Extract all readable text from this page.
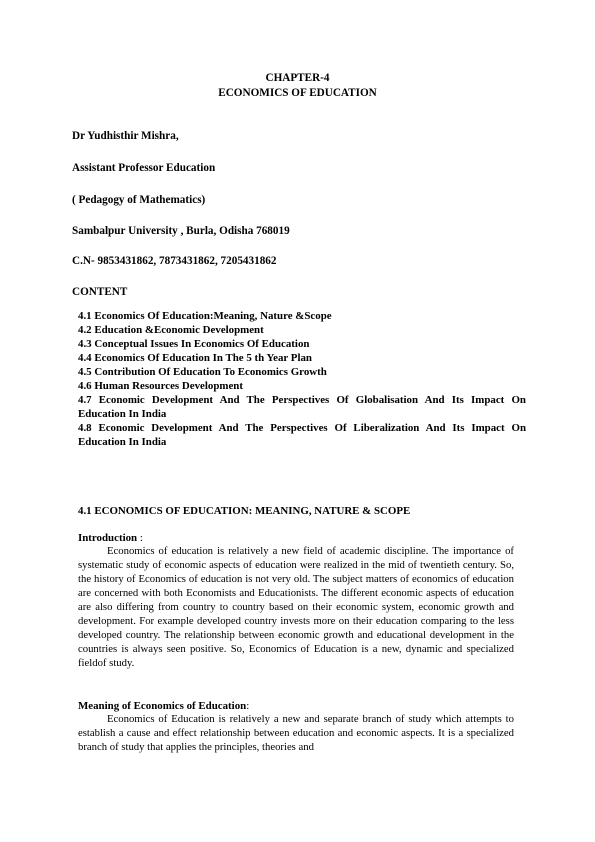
CHAPTER-4
ECONOMICS OF EDUCATION
Dr Yudhisthir Mishra,
Assistant Professor Education
( Pedagogy of Mathematics)
Sambalpur University , Burla, Odisha 768019
C.N- 9853431862, 7873431862, 7205431862
CONTENT
4.1 Economics Of Education:Meaning, Nature &Scope
4.2 Education &Economic Development
4.3 Conceptual Issues In Economics Of Education
4.4 Economics Of Education In The 5 th Year Plan
4.5 Contribution Of Education To Economics Growth
4.6 Human Resources Development
4.7 Economic Development And The Perspectives Of Globalisation And Its Impact On Education In India
4.8 Economic Development And The Perspectives Of Liberalization And Its Impact On Education In India
4.1 ECONOMICS OF EDUCATION: MEANING, NATURE & SCOPE
Introduction :
Economics of education is relatively a new field of academic discipline. The importance of systematic study of economic aspects of education were realized in the mid of twentieth century. So, the history of Economics of education is not very old. The subject matters of economics of education are concerned with both Economists and Educationists. The different economic aspects of education are also differing from country to country based on their economic system, economic growth and development. For example developed country invests more on their education comparing to the less developed country. The relationship between economic growth and educational development in the countries is always seen positive. So, Economics of Education is a new, dynamic and specialized fieldof study.
Meaning of Economics of Education:
Economics of Education is relatively a new and separate branch of study which attempts to establish a cause and effect relationship between education and economic aspects. It is a specialized branch of study that applies the principles, theories and
